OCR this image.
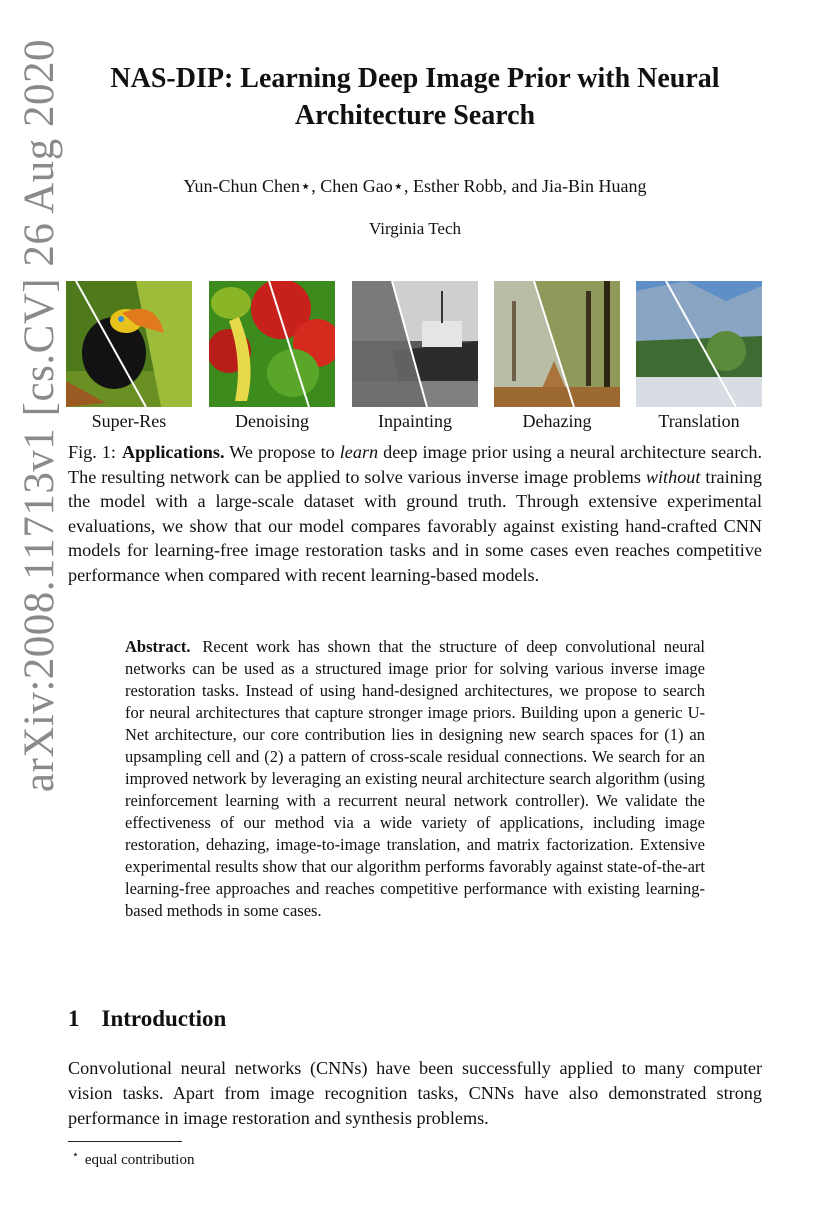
arXiv:2008.11713v1 [cs.CV] 26 Aug 2020	NAS-DIP: Learning Deep Image Prior with Neural Architecture Search
Yun-Chun Chen⋆, Chen Gao⋆, Esther Robb, and Jia-Bin Huang
Virginia Tech
Super-Res	Denoising	Inpainting	Dehazing	Translation
Fig. 1: Applications. We propose to learn deep image prior using a neural architecture search. The resulting network can be applied to solve various inverse image problems without training the model with a large-scale dataset with ground truth. Through extensive experimental evaluations, we show that our model compares favorably against existing hand-crafted CNN models for learning-free image restoration tasks and in some cases even reaches competitive performance when compared with recent learning-based models.
Abstract. Recent work has shown that the structure of deep convolutional neural networks can be used as a structured image prior for solving various inverse image restoration tasks. Instead of using hand-designed architectures, we propose to search for neural architectures that capture stronger image priors. Building upon a generic U-Net architecture, our core contribution lies in designing new search spaces for (1) an upsampling cell and (2) a pattern of cross-scale residual connections. We search for an improved network by leveraging an existing neural architecture search algorithm (using reinforcement learning with a recurrent neural network controller). We validate the effectiveness of our method via a wide variety of applications, including image restoration, dehazing, image-to-image translation, and matrix factorization. Extensive experimental results show that our algorithm performs favorably against state-of-the-art learning-free approaches and reaches competitive performance with existing learning-based methods in some cases.
1 Introduction
Convolutional neural networks (CNNs) have been successfully applied to many computer vision tasks. Apart from image recognition tasks, CNNs have also demonstrated strong performance in image restoration and synthesis problems.
⋆ equal contribution
